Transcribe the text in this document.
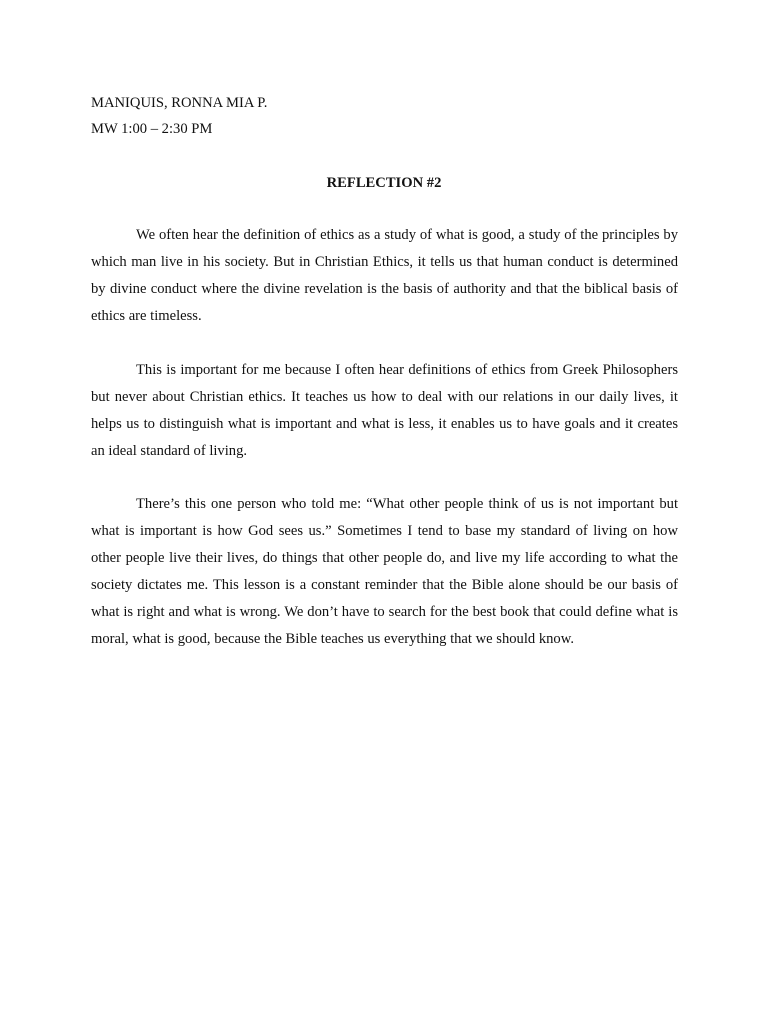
MANIQUIS, RONNA MIA P.
MW 1:00 – 2:30 PM
REFLECTION #2

We often hear the definition of ethics as a study of what is good, a study of the principles by which man live in his society. But in Christian Ethics, it tells us that human conduct is determined by divine conduct where the divine revelation is the basis of authority and that the biblical basis of ethics are timeless.

This is important for me because I often hear definitions of ethics from Greek Philosophers but never about Christian ethics. It teaches us how to deal with our relations in our daily lives, it helps us to distinguish what is important and what is less, it enables us to have goals and it creates an ideal standard of living.

There’s this one person who told me: “What other people think of us is not important but what is important is how God sees us.” Sometimes I tend to base my standard of living on how other people live their lives, do things that other people do, and live my life according to what the society dictates me. This lesson is a constant reminder that the Bible alone should be our basis of what is right and what is wrong. We don’t have to search for the best book that could define what is moral, what is good, because the Bible teaches us everything that we should know.
